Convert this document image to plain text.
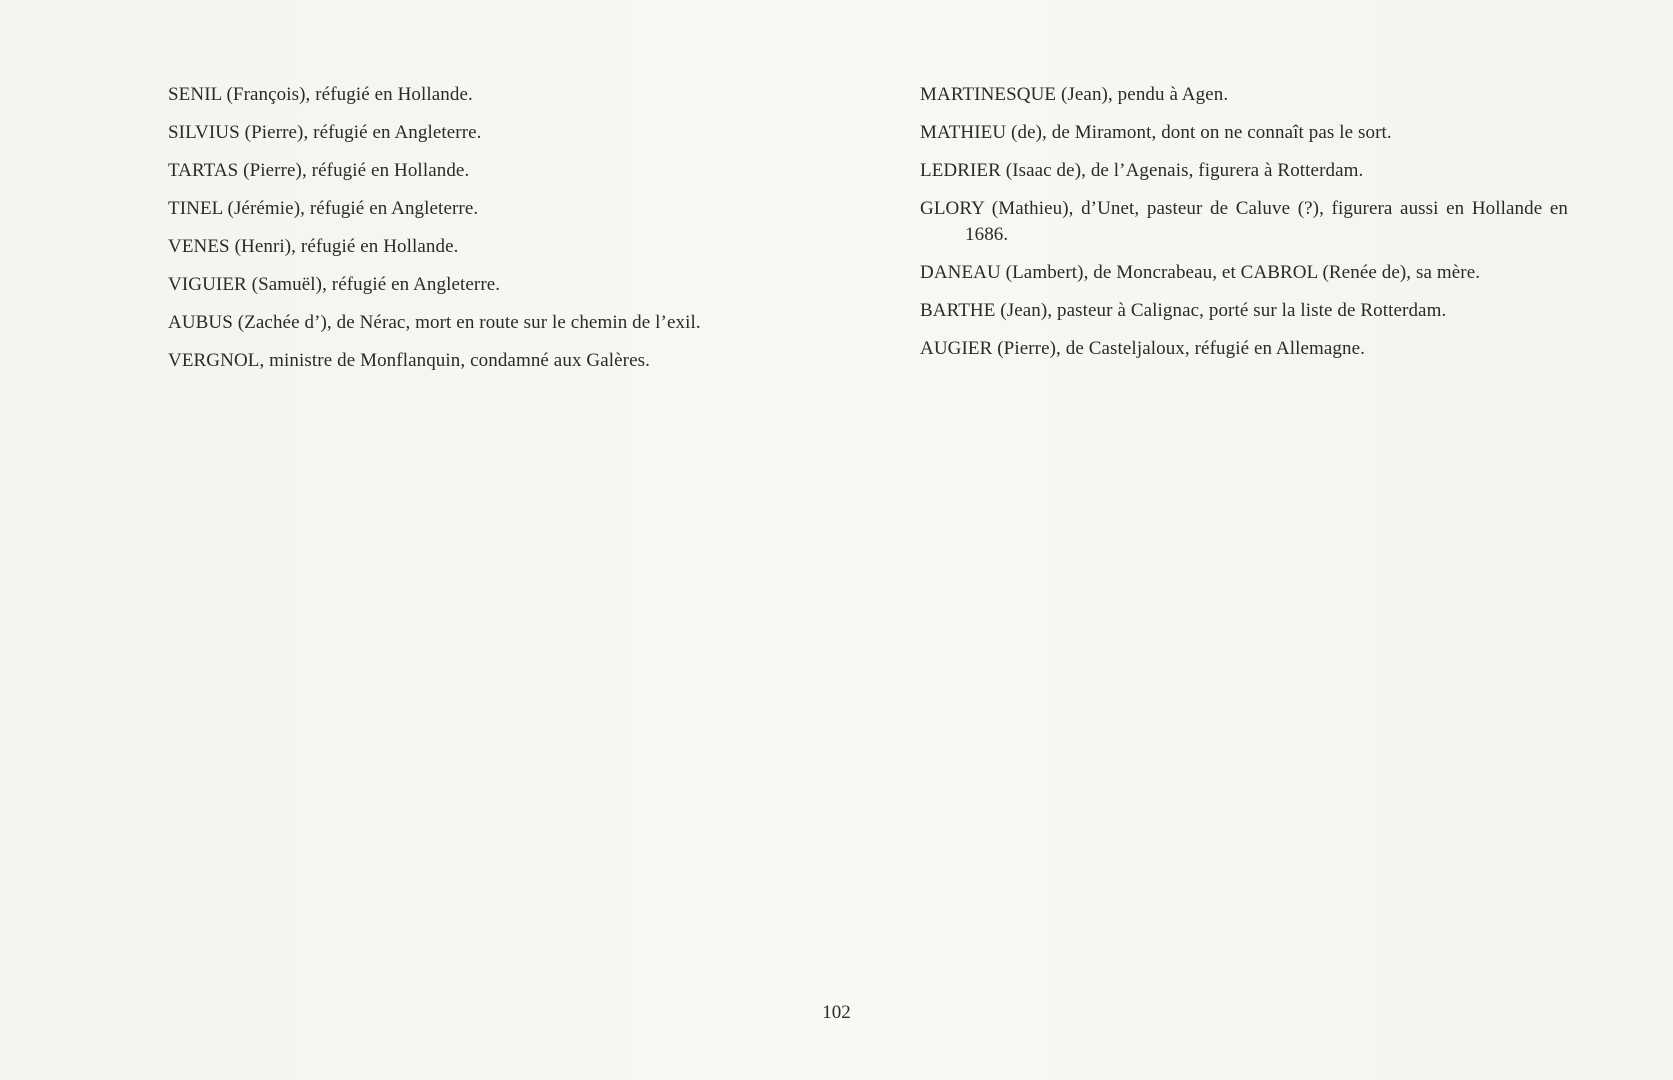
SENIL (François), réfugié en Hollande.

SILVIUS (Pierre), réfugié en Angleterre.

TARTAS (Pierre), réfugié en Hollande.

TINEL (Jérémie), réfugié en Angleterre.

VENES (Henri), réfugié en Hollande.

VIGUIER (Samuël), réfugié en Angleterre.

AUBUS (Zachée d’), de Nérac, mort en route sur le chemin de l’exil.

VERGNOL, ministre de Monflanquin, condamné aux Galères.

MARTINESQUE (Jean), pendu à Agen.

MATHIEU (de), de Miramont, dont on ne connaît pas le sort.

LEDRIER (Isaac de), de l’Agenais, figurera à Rotterdam.

GLORY (Mathieu), d’Unet, pasteur de Caluve (?), figurera aussi en Hollande en 1686.

DANEAU (Lambert), de Moncrabeau, et CABROL (Renée de), sa mère.

BARTHE (Jean), pasteur à Calignac, porté sur la liste de Rotterdam.

AUGIER (Pierre), de Casteljaloux, réfugié en Allemagne.

102
